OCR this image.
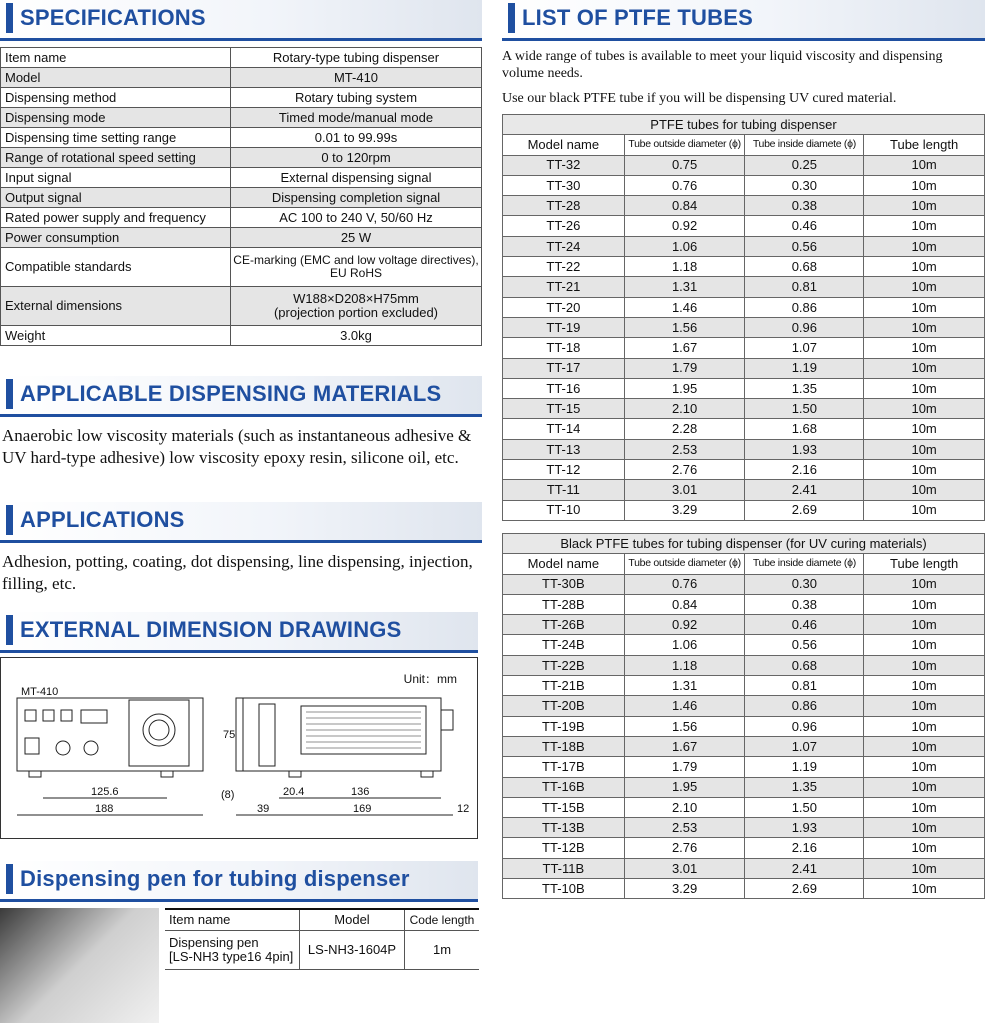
SPECIFICATIONS
Item name	Rotary-type tubing dispenser
Model	MT-410
Dispensing method	Rotary tubing system
Dispensing mode	Timed mode/manual mode
Dispensing time setting range	0.01 to 99.99s
Range of rotational speed setting	0 to 120rpm
Input signal	External dispensing signal
Output signal	Dispensing completion signal
Rated power supply and frequency	AC 100 to 240 V, 50/60 Hz
Power consumption	25 W
Compatible standards	CE-marking (EMC and low voltage directives),
EU RoHS

External dimensions	W188×D208×H75mm
(projection portion excluded)

Weight	3.0kg
APPLICABLE DISPENSING MATERIALS
Anaerobic low viscosity materials (such as instantaneous adhesive & UV hard-type adhesive) low viscosity epoxy resin, silicone oil, etc.
APPLICATIONS
Adhesion, potting, coating, dot dispensing, line dispensing, injection, filling, etc.
EXTERNAL DIMENSION DRAWINGS
Unit：mm
MT-410
125.6
188
75
(8)	20.4	136
39	169	12
Dispensing pen for tubing dispenser
Item name	Model	Code length

Dispensing pen
[LS-NH3 type16 4pin]	LS-NH3-1604P	1m
LIST OF PTFE TUBES
A wide range of tubes is available to meet your liquid viscosity and dispensing volume needs.
Use our black PTFE tube if you will be dispensing UV cured material.
PTFE tubes for tubing dispenser			
Model name	Tube outside diameter (ϕ)	Tube inside diamete (ϕ)	Tube length
TT-32	0.75	0.25	10m
TT-30	0.76	0.30	10m
TT-28	0.84	0.38	10m
TT-26	0.92	0.46	10m
TT-24	1.06	0.56	10m
TT-22	1.18	0.68	10m
TT-21	1.31	0.81	10m
TT-20	1.46	0.86	10m
TT-19	1.56	0.96	10m
TT-18	1.67	1.07	10m
TT-17	1.79	1.19	10m
TT-16	1.95	1.35	10m
TT-15	2.10	1.50	10m
TT-14	2.28	1.68	10m
TT-13	2.53	1.93	10m
TT-12	2.76	2.16	10m
TT-11	3.01	2.41	10m
TT-10	3.29	2.69	10m
Black PTFE tubes for tubing dispenser (for UV curing materials)			
Model name	Tube outside diameter (ϕ)	Tube inside diamete (ϕ)	Tube length
TT-30B	0.76	0.30	10m
TT-28B	0.84	0.38	10m
TT-26B	0.92	0.46	10m
TT-24B	1.06	0.56	10m
TT-22B	1.18	0.68	10m
TT-21B	1.31	0.81	10m
TT-20B	1.46	0.86	10m
TT-19B	1.56	0.96	10m
TT-18B	1.67	1.07	10m
TT-17B	1.79	1.19	10m
TT-16B	1.95	1.35	10m
TT-15B	2.10	1.50	10m
TT-13B	2.53	1.93	10m
TT-12B	2.76	2.16	10m
TT-11B	3.01	2.41	10m
TT-10B	3.29	2.69	10m
